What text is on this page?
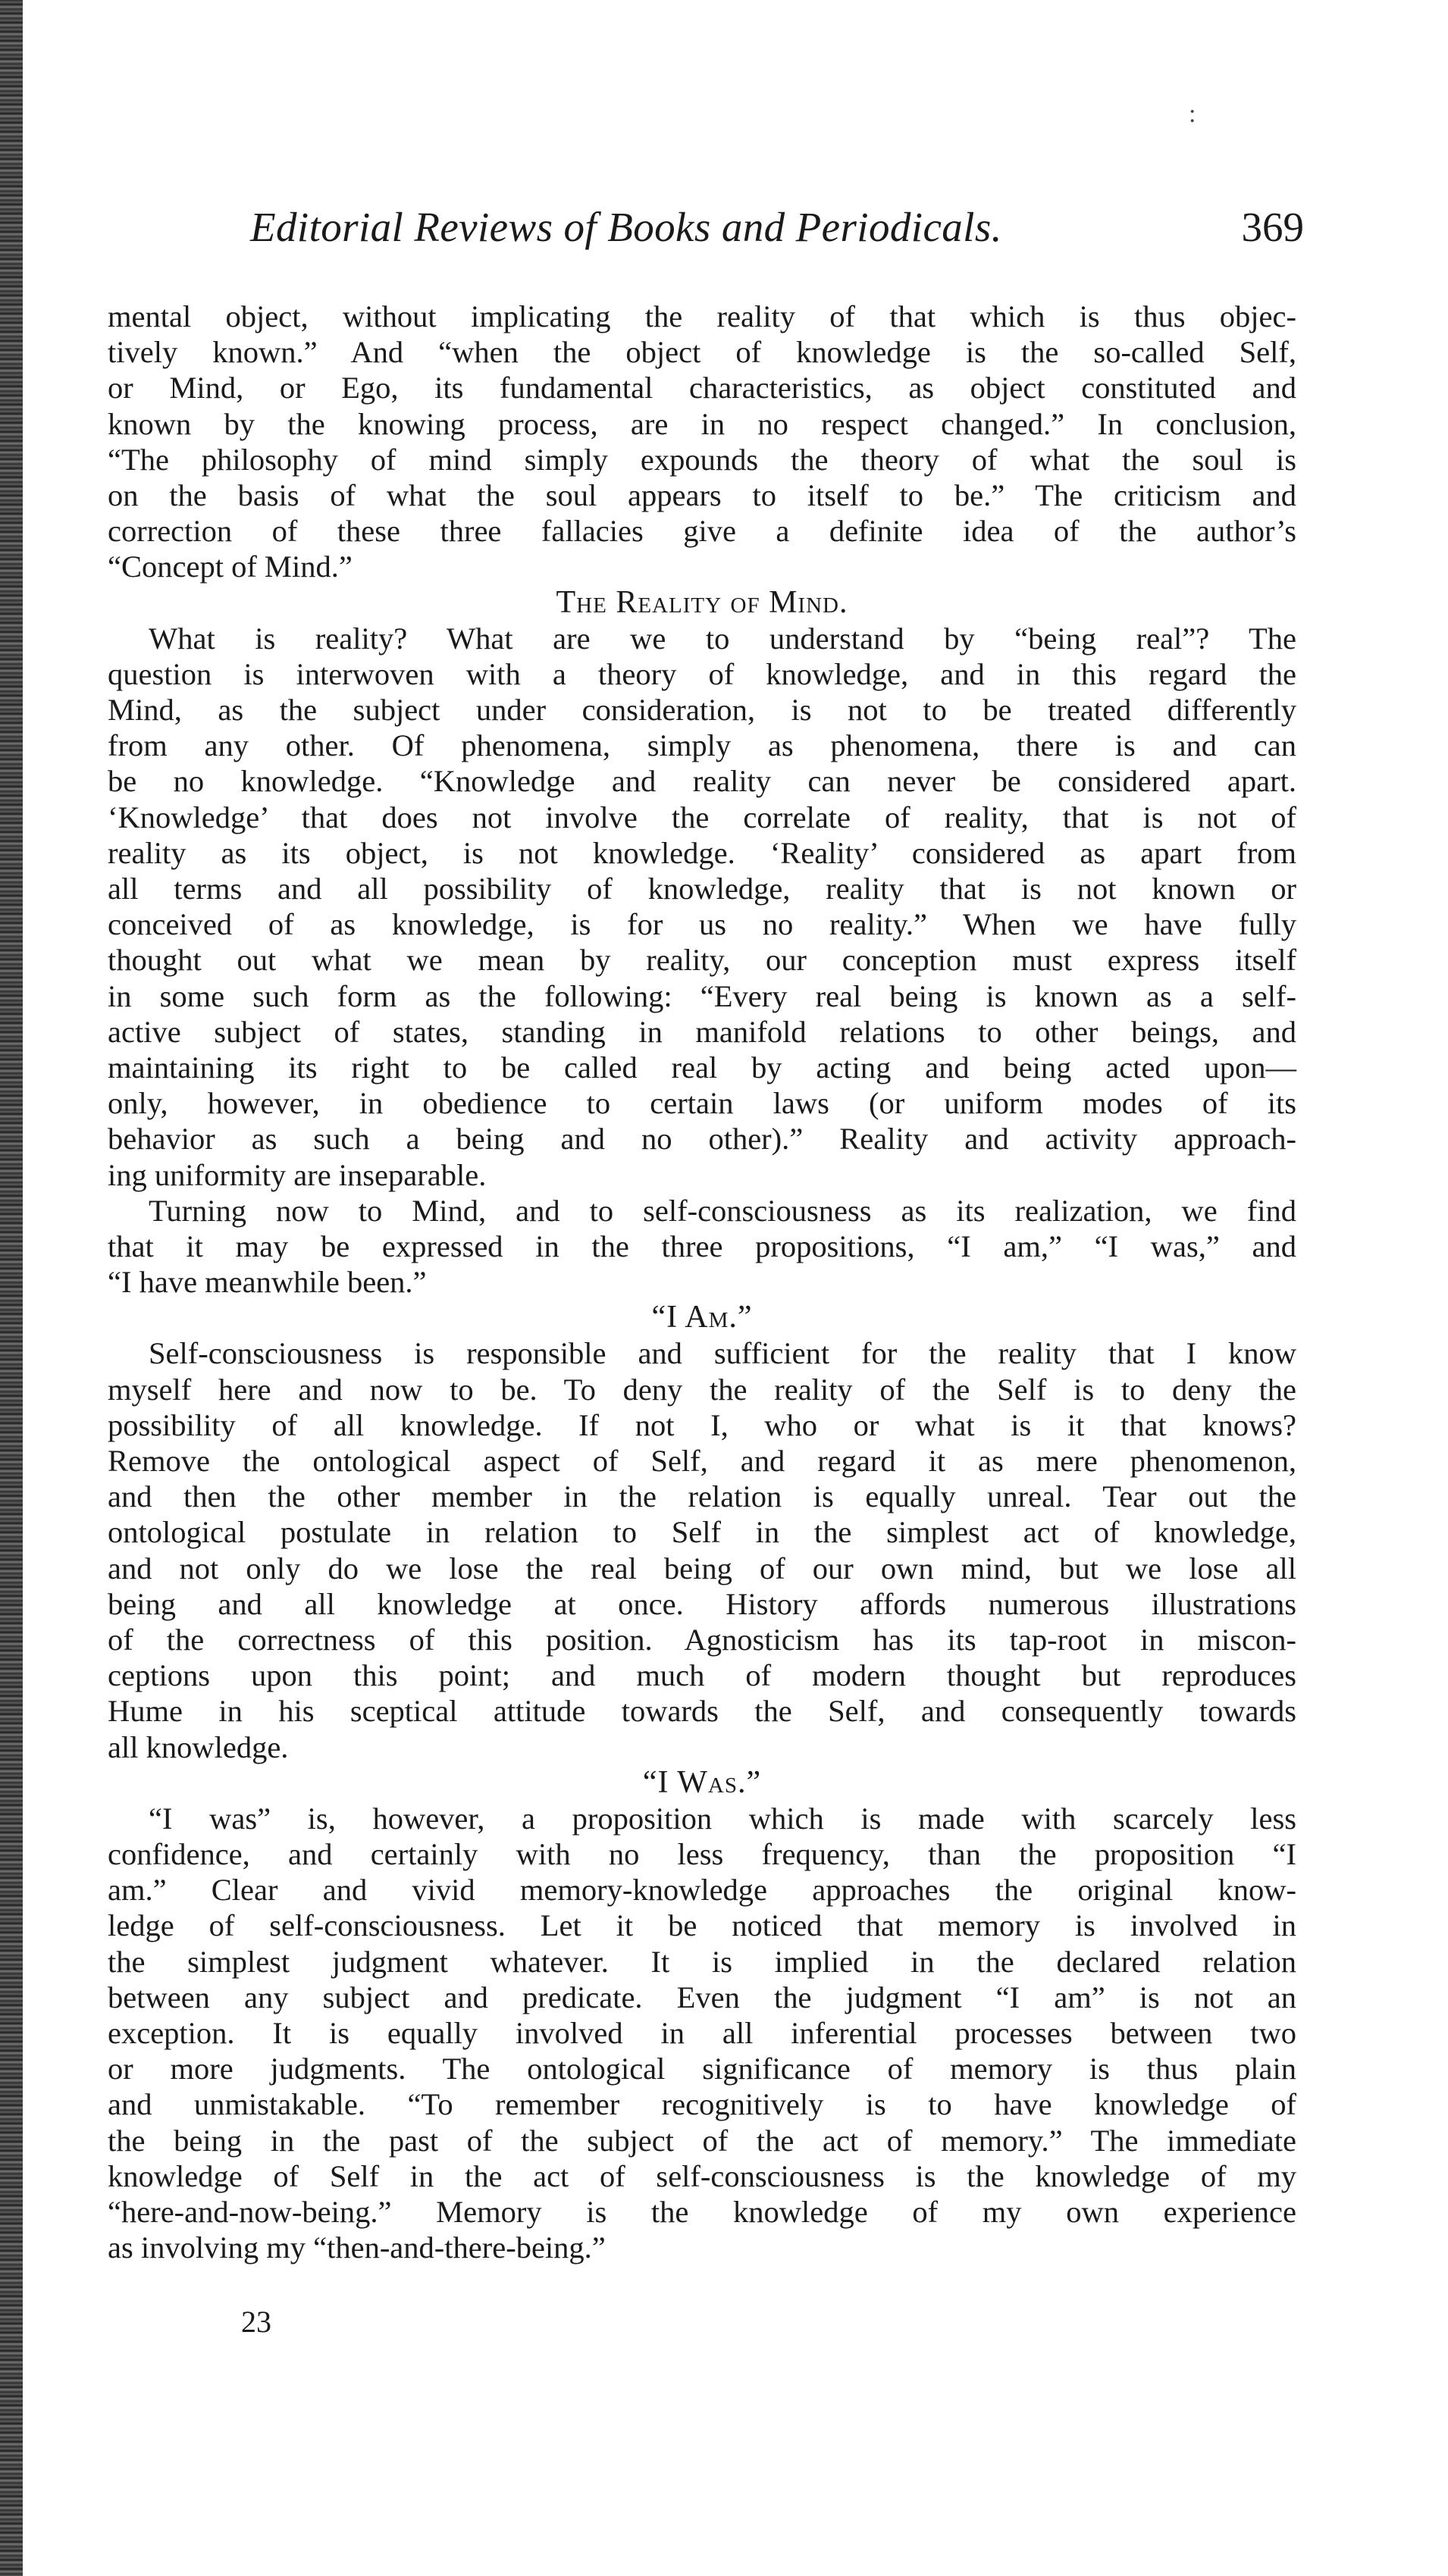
:
Editorial Reviews of Books and Periodicals.	369
mental object, without implicating the reality of that which is thus objec-
tively known.” And “when the object of knowledge is the so-called Self,
or Mind, or Ego, its fundamental characteristics, as object constituted and
known by the knowing process, are in no respect changed.” In conclusion,
“The philosophy of mind simply expounds the theory of what the soul is
on the basis of what the soul appears to itself to be.” The criticism and
correction of these three fallacies give a definite idea of the author’s
“Concept of Mind.”
The Reality of Mind.
What is reality? What are we to understand by “being real”? The
question is interwoven with a theory of knowledge, and in this regard the
Mind, as the subject under consideration, is not to be treated differently
from any other. Of phenomena, simply as phenomena, there is and can
be no knowledge. “Knowledge and reality can never be considered apart.
‘Knowledge’ that does not involve the correlate of reality, that is not of
reality as its object, is not knowledge. ‘Reality’ considered as apart from
all terms and all possibility of knowledge, reality that is not known or
conceived of as knowledge, is for us no reality.” When we have fully
thought out what we mean by reality, our conception must express itself
in some such form as the following: “Every real being is known as a self-
active subject of states, standing in manifold relations to other beings, and
maintaining its right to be called real by acting and being acted upon—
only, however, in obedience to certain laws (or uniform modes of its
behavior as such a being and no other).” Reality and activity approach-
ing uniformity are inseparable.
Turning now to Mind, and to self-consciousness as its realization, we find
that it may be expressed in the three propositions, “I am,” “I was,” and
“I have meanwhile been.”
“I Am.”
Self-consciousness is responsible and sufficient for the reality that I know
myself here and now to be. To deny the reality of the Self is to deny the
possibility of all knowledge. If not I, who or what is it that knows?
Remove the ontological aspect of Self, and regard it as mere phenomenon,
and then the other member in the relation is equally unreal. Tear out the
ontological postulate in relation to Self in the simplest act of knowledge,
and not only do we lose the real being of our own mind, but we lose all
being and all knowledge at once. History affords numerous illustrations
of the correctness of this position. Agnosticism has its tap-root in miscon-
ceptions upon this point; and much of modern thought but reproduces
Hume in his sceptical attitude towards the Self, and consequently towards
all knowledge.
“I Was.”
“I was” is, however, a proposition which is made with scarcely less
confidence, and certainly with no less frequency, than the proposition “I
am.” Clear and vivid memory-knowledge approaches the original know-
ledge of self-consciousness. Let it be noticed that memory is involved in
the simplest judgment whatever. It is implied in the declared relation
between any subject and predicate. Even the judgment “I am” is not an
exception. It is equally involved in all inferential processes between two
or more judgments. The ontological significance of memory is thus plain
and unmistakable. “To remember recognitively is to have knowledge of
the being in the past of the subject of the act of memory.” The immediate
knowledge of Self in the act of self-consciousness is the knowledge of my
“here-and-now-being.” Memory is the knowledge of my own experience
as involving my “then-and-there-being.”
23
